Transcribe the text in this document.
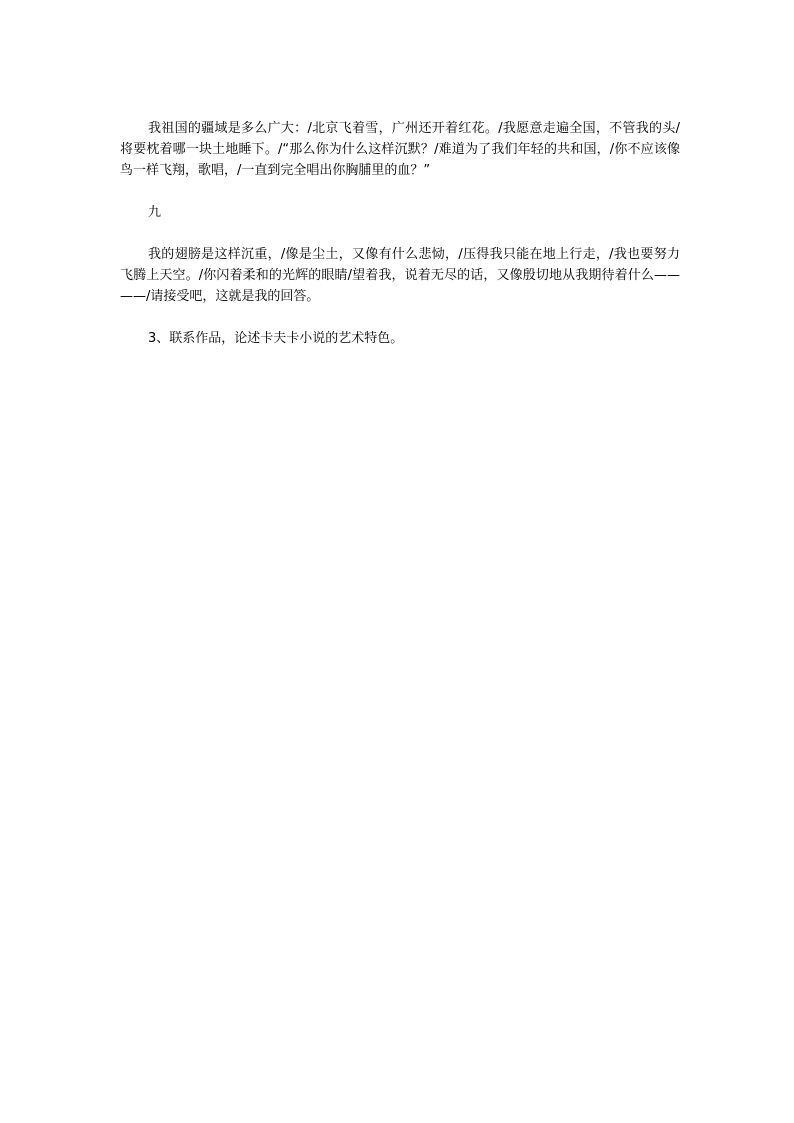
我祖国的疆域是多么广大：/北京飞着雪，广州还开着红花。/我愿意走遍全国，不管我的头/将要枕着哪一块土地睡下。/“那么你为什么这样沉默？/难道为了我们年轻的共和国，/你不应该像鸟一样飞翔，歌唱，/一直到完全唱出你胸脯里的血？”

九

我的翅膀是这样沉重，/像是尘土，又像有什么悲恸，/压得我只能在地上行走，/我也要努力飞腾上天空。/你闪着柔和的光辉的眼睛/望着我，说着无尽的话，又像殷切地从我期待着什么—— ——/请接受吧，这就是我的回答。

3、联系作品，论述卡夫卡小说的艺术特色。
